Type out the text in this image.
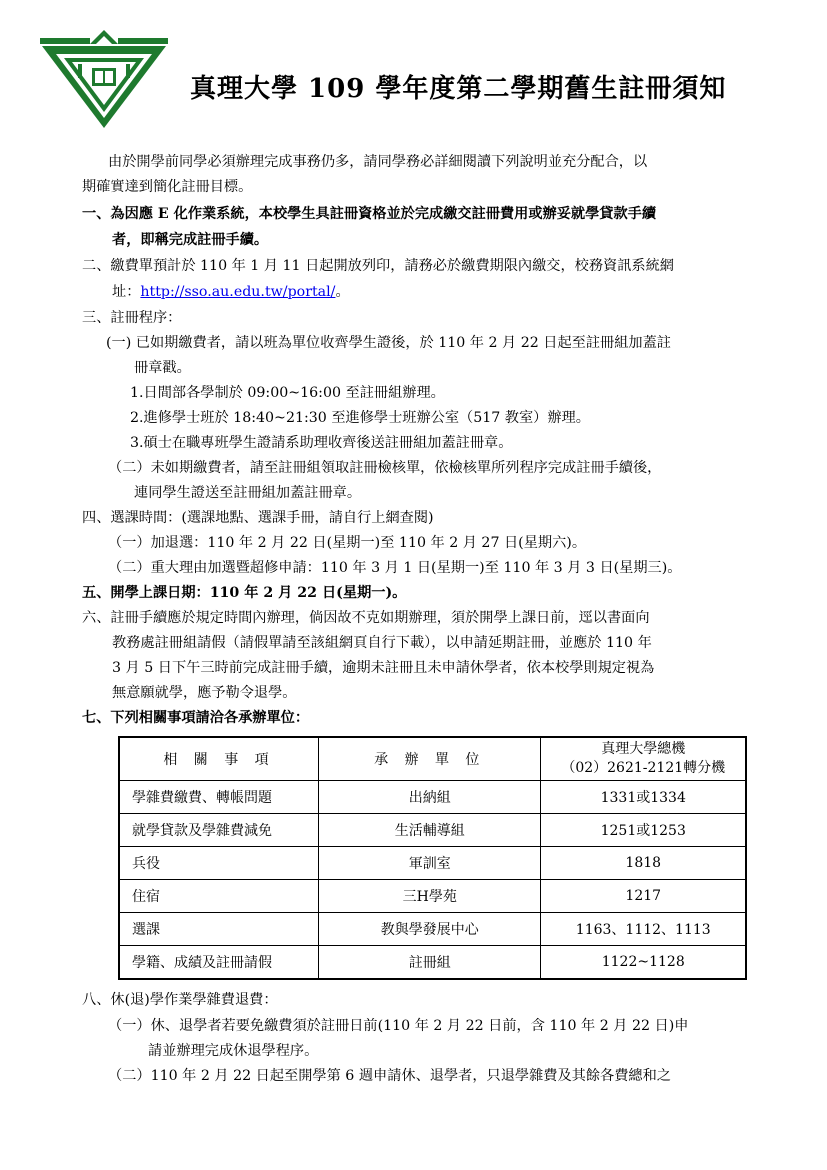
真理大學 109 學年度第二學期舊生註冊須知
由於開學前同學必須辦理完成事務仍多，請同學務必詳細閱讀下列說明並充分配合，以
期確實達到簡化註冊目標。
一、為因應 E 化作業系統，本校學生具註冊資格並於完成繳交註冊費用或辦妥就學貸款手續
者，即稱完成註冊手續。
二、繳費單預計於 110 年 1 月 11 日起開放列印，請務必於繳費期限內繳交，校務資訊系統網
址：http://sso.au.edu.tw/portal/。
三、註冊程序：
(一) 已如期繳費者，請以班為單位收齊學生證後，於 110 年 2 月 22 日起至註冊組加蓋註
冊章戳。
1.日間部各學制於 09:00~16:00 至註冊組辦理。
2.進修學士班於 18:40~21:30 至進修學士班辦公室（517 教室）辦理。
3.碩士在職專班學生證請系助理收齊後送註冊組加蓋註冊章。
（二）未如期繳費者，請至註冊組領取註冊檢核單，依檢核單所列程序完成註冊手續後，
連同學生證送至註冊組加蓋註冊章。
四、選課時間：(選課地點、選課手冊，請自行上網查閱)
（一）加退選：110 年 2 月 22 日(星期一)至 110 年 2 月 27 日(星期六)。
（二）重大理由加選暨超修申請：110 年 3 月 1 日(星期一)至 110 年 3 月 3 日(星期三)。
五、開學上課日期：110 年 2 月 22 日(星期一)。
六、註冊手續應於規定時間內辦理，倘因故不克如期辦理，須於開學上課日前，逕以書面向
教務處註冊組請假（請假單請至該組網頁自行下載），以申請延期註冊，並應於 110 年
3 月 5 日下午三時前完成註冊手續，逾期未註冊且未申請休學者，依本校學則規定視為
無意願就學，應予勒令退學。
七、下列相關事項請洽各承辦單位：
八、休(退)學作業學雜費退費：
（一）休、退學者若要免繳費須於註冊日前(110 年 2 月 22 日前，含 110 年 2 月 22 日)申
請並辦理完成休退學程序。
（二）110 年 2 月 22 日起至開學第 6 週申請休、退學者，只退學雜費及其餘各費總和之
相 關 事 項	承 辦 單 位	真理大學總機
（02）2621-2121轉分機

學雜費繳費、轉帳問題	出納組	1331或1334
就學貸款及學雜費減免	生活輔導組	1251或1253
兵役	軍訓室	1818
住宿	三H學苑	1217
選課	教與學發展中心	1163、1112、1113
學籍、成績及註冊請假	註冊組	1122~1128
